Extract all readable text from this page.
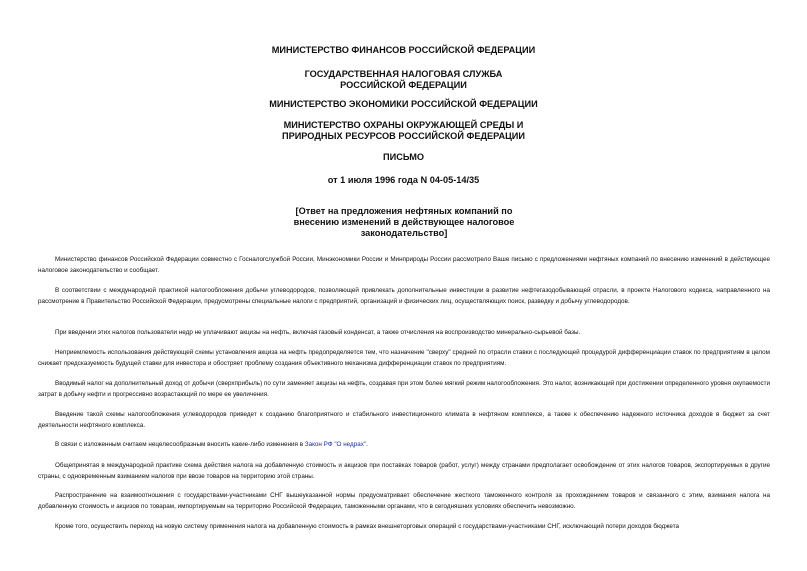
МИНИСТЕРСТВО ФИНАНСОВ РОССИЙСКОЙ ФЕДЕРАЦИИ
ГОСУДАРСТВЕННАЯ НАЛОГОВАЯ СЛУЖБА
РОССИЙСКОЙ ФЕДЕРАЦИИ
МИНИСТЕРСТВО ЭКОНОМИКИ РОССИЙСКОЙ ФЕДЕРАЦИИ
МИНИСТЕРСТВО ОХРАНЫ ОКРУЖАЮЩЕЙ СРЕДЫ И
ПРИРОДНЫХ РЕСУРСОВ РОССИЙСКОЙ ФЕДЕРАЦИИ
ПИСЬМО
от 1 июля 1996 года N 04-05-14/35
[Ответ на предложения нефтяных компаний по
внесению изменений в действующее налоговое
законодательство]
Министерство финансов Российской Федерации совместно с Госналогслужбой России, Минэкономики России и Минприроды России рассмотрело Ваше письмо с предложениями нефтяных компаний по внесению изменений в действующее налоговое законодательство и сообщает.
В соответствии с международной практикой налогообложения добычи углеводородов, позволяющей привлекать дополнительные инвестиции в развитие нефтегазодобывающей отрасли, в проекте Налогового кодекса, направленного на рассмотрение в Правительство Российской Федерации, предусмотрены специальные налоги с предприятий, организаций и физических лиц, осуществляющих поиск, разведку и добычу углеводородов.
При введении этих налогов пользователи недр не уплачивают акцизы на нефть, включая газовый конденсат, а также отчисления на воспроизводство минерально-сырьевой базы.
Неприемлемость использования действующей схемы установления акциза на нефть предопределяется тем, что назначение "сверху" средней по отрасли ставки с последующей процедурой дифференциации ставок по предприятиям в целом снижает предсказуемость будущей ставки для инвестора и обостряет проблему создания объективного механизма дифференциации ставок по предприятиям.
Вводимый налог на дополнительный доход от добычи (сверхприбыль) по сути заменяет акцизы на нефть, создавая при этом более мягкий режим налогообложения. Это налог, возникающий при достижении определенного уровня окупаемости затрат в добычу нефти и прогрессивно возрастающий по мере ее увеличения.
Введение такой схемы налогообложения углеводородов приведет к созданию благоприятного и стабильного инвестиционного климата в нефтяном комплексе, а также к обеспечению надежного источника доходов в бюджет за счет деятельности нефтяного комплекса.
В связи с изложенным считаем нецелесообразным вносить какие-либо изменения в Закон РФ "О недрах".
Общепринятая в международной практике схема действия налога на добавленную стоимость и акцизов при поставках товаров (работ, услуг) между странами предполагает освобождение от этих налогов товаров, экспортируемых в другие страны, с одновременным взиманием налогов при ввозе товаров на территорию этой страны.
Распространение на взаимоотношения с государствами-участниками СНГ вышеуказанной нормы предусматривает обеспечение жесткого таможенного контроля за прохождением товаров и связанного с этим, взимания налога на добавленную стоимость и акцизов по товарам, импортируемым на территорию Российской Федерации, таможенными органами, что в сегодняшних условиях обеспечить невозможно.
Кроме того, осуществить переход на новую систему применения налога на добавленную стоимость в рамках внешнеторговых операций с государствами-участниками СНГ, исключающий потери доходов бюджета
